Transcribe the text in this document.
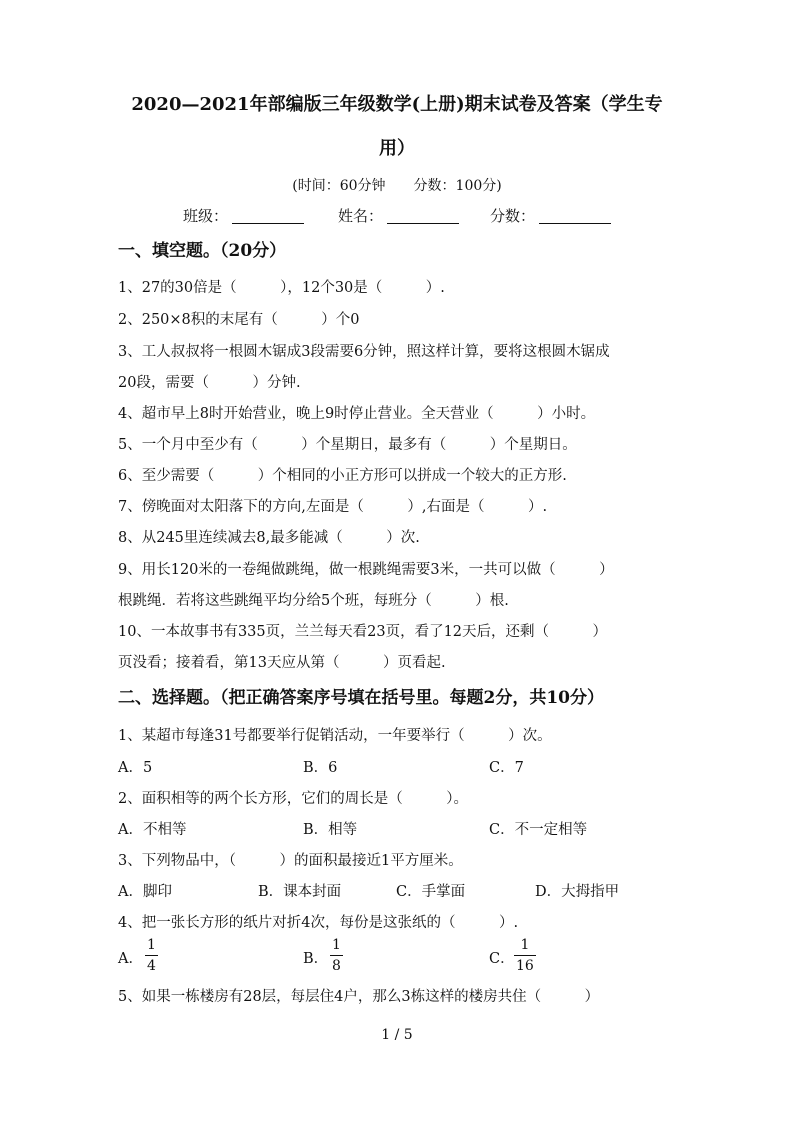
2020—2021年部编版三年级数学(上册)期末试卷及答案（学生专
用）
(时间：60分钟　　分数：100分)
班级：	姓名：	分数：
一、填空题。（20分）
1、27的30倍是（　　　），12个30是（　　　）.
2、250×8积的末尾有（　　　）个0
3、工人叔叔将一根圆木锯成3段需要6分钟，照这样计算，要将这根圆木锯成
20段，需要（　　　）分钟.
4、超市早上8时开始营业，晚上9时停止营业。全天营业（　　　）小时。
5、一个月中至少有（　　　）个星期日，最多有（　　　）个星期日。
6、至少需要（　　　）个相同的小正方形可以拼成一个较大的正方形.
7、傍晚面对太阳落下的方向,左面是（　　　）,右面是（　　　）.
8、从245里连续减去8,最多能减（　　　）次.
9、用长120米的一卷绳做跳绳，做一根跳绳需要3米，一共可以做（　　　）
根跳绳．若将这些跳绳平均分给5个班，每班分（　　　）根.
10、一本故事书有335页，兰兰每天看23页，看了12天后，还剩（　　　）
页没看；接着看，第13天应从第（　　　）页看起.
二、选择题。（把正确答案序号填在括号里。每题2分，共10分）
1、某超市每逢31号都要举行促销活动，一年要举行（　　　）次。
A．5	B．6	C．7
2、面积相等的两个长方形，它们的周长是（　　　）。
A．不相等	B．相等	C．不一定相等
3、下列物品中，（　　　）的面积最接近1平方厘米。
A．脚印	B．课本封面	C．手掌面	D．大拇指甲
4、把一张长方形的纸片对折4次，每份是这张纸的（　　　）.
A．
1
4	B．
1
8	C．
1
16
5、如果一栋楼房有28层，每层住4户，那么3栋这样的楼房共住（　　　）
1 / 5
